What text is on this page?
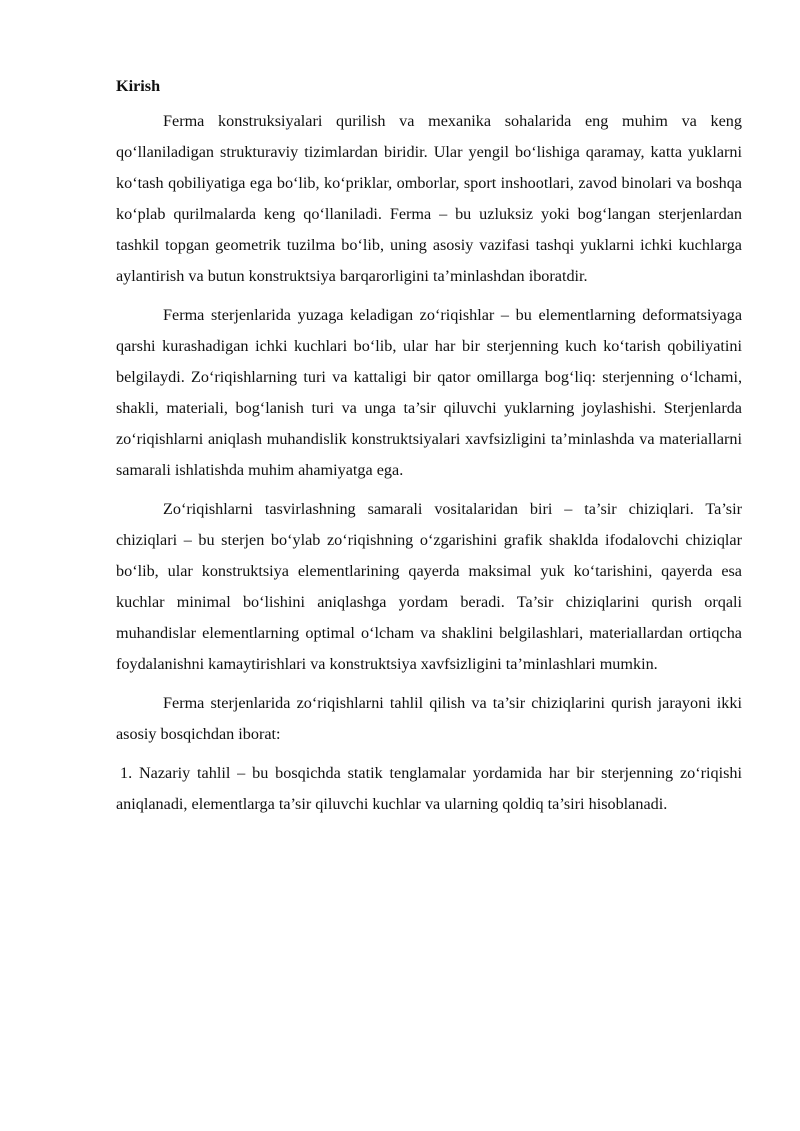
Kirish

Ferma konstruksiyalari qurilish va mexanika sohalarida eng muhim va keng qo‘llaniladigan strukturaviy tizimlardan biridir. Ular yengil bo‘lishiga qaramay, katta yuklarni ko‘tash qobiliyatiga ega bo‘lib, ko‘priklar, omborlar, sport inshootlari, zavod binolari va boshqa ko‘plab qurilmalarda keng qo‘llaniladi. Ferma – bu uzluksiz yoki bog‘langan sterjenlardan tashkil topgan geometrik tuzilma bo‘lib, uning asosiy vazifasi tashqi yuklarni ichki kuchlarga aylantirish va butun konstruktsiya barqarorligini ta’minlashdan iboratdir.

Ferma sterjenlarida yuzaga keladigan zo‘riqishlar – bu elementlarning deformatsiyaga qarshi kurashadigan ichki kuchlari bo‘lib, ular har bir sterjenning kuch ko‘tarish qobiliyatini belgilaydi. Zo‘riqishlarning turi va kattaligi bir qator omillarga bog‘liq: sterjenning o‘lchami, shakli, materiali, bog‘lanish turi va unga ta’sir qiluvchi yuklarning joylashishi. Sterjenlarda zo‘riqishlarni aniqlash muhandislik konstruktsiyalari xavfsizligini ta’minlashda va materiallarni samarali ishlatishda muhim ahamiyatga ega.

Zo‘riqishlarni tasvirlashning samarali vositalaridan biri – ta’sir chiziqlari. Ta’sir chiziqlari – bu sterjen bo‘ylab zo‘riqishning o‘zgarishini grafik shaklda ifodalovchi chiziqlar bo‘lib, ular konstruktsiya elementlarining qayerda maksimal yuk ko‘tarishini, qayerda esa kuchlar minimal bo‘lishini aniqlashga yordam beradi. Ta’sir chiziqlarini qurish orqali muhandislar elementlarning optimal o‘lcham va shaklini belgilashlari, materiallardan ortiqcha foydalanishni kamaytirishlari va konstruktsiya xavfsizligini ta’minlashlari mumkin.

Ferma sterjenlarida zo‘riqishlarni tahlil qilish va ta’sir chiziqlarini qurish jarayoni ikki asosiy bosqichdan iborat:

1. Nazariy tahlil – bu bosqichda statik tenglamalar yordamida har bir sterjenning zo‘riqishi aniqlanadi, elementlarga ta’sir qiluvchi kuchlar va ularning qoldiq ta’siri hisoblanadi.
